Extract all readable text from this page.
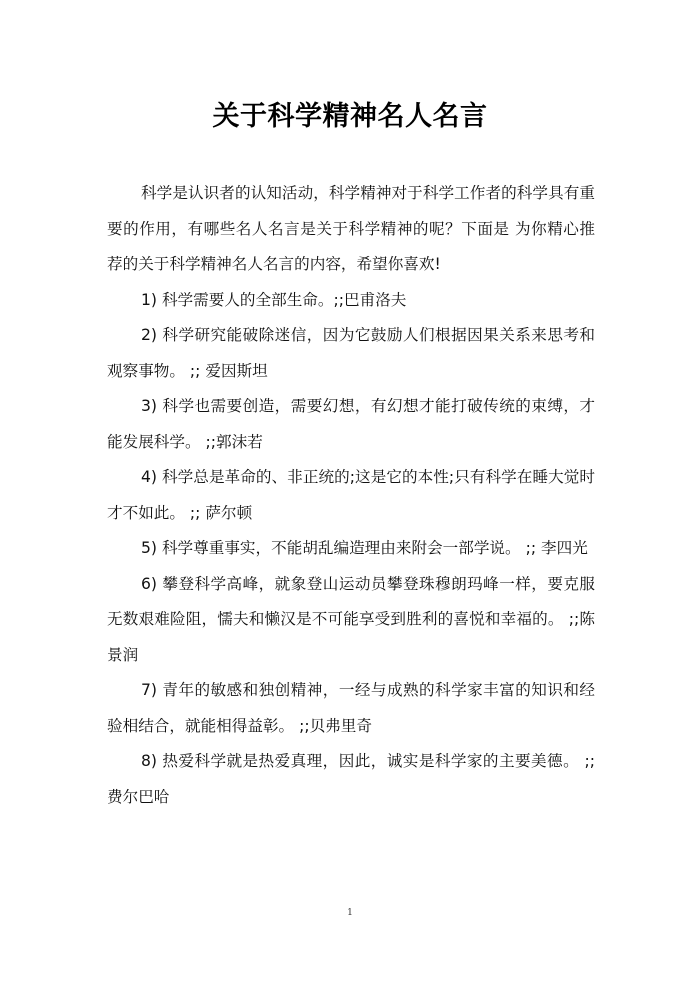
关于科学精神名人名言

科学是认识者的认知活动，科学精神对于科学工作者的科学具有重要的作用，有哪些名人名言是关于科学精神的呢？下面是 为你精心推荐的关于科学精神名人名言的内容，希望你喜欢!

1) 科学需要人的全部生命。;;巴甫洛夫

2) 科学研究能破除迷信，因为它鼓励人们根据因果关系来思考和观察事物。 ;; 爱因斯坦

3) 科学也需要创造，需要幻想，有幻想才能打破传统的束缚，才能发展科学。 ;;郭沫若

4) 科学总是革命的、非正统的;这是它的本性;只有科学在睡大觉时才不如此。 ;; 萨尔顿

5) 科学尊重事实，不能胡乱编造理由来附会一部学说。 ;; 李四光

6) 攀登科学高峰，就象登山运动员攀登珠穆朗玛峰一样，要克服无数艰难险阻，懦夫和懒汉是不可能享受到胜利的喜悦和幸福的。 ;;陈景润

7) 青年的敏感和独创精神，一经与成熟的科学家丰富的知识和经验相结合，就能相得益彰。 ;;贝弗里奇

8) 热爱科学就是热爱真理，因此，诚实是科学家的主要美德。 ;;费尔巴哈

1
